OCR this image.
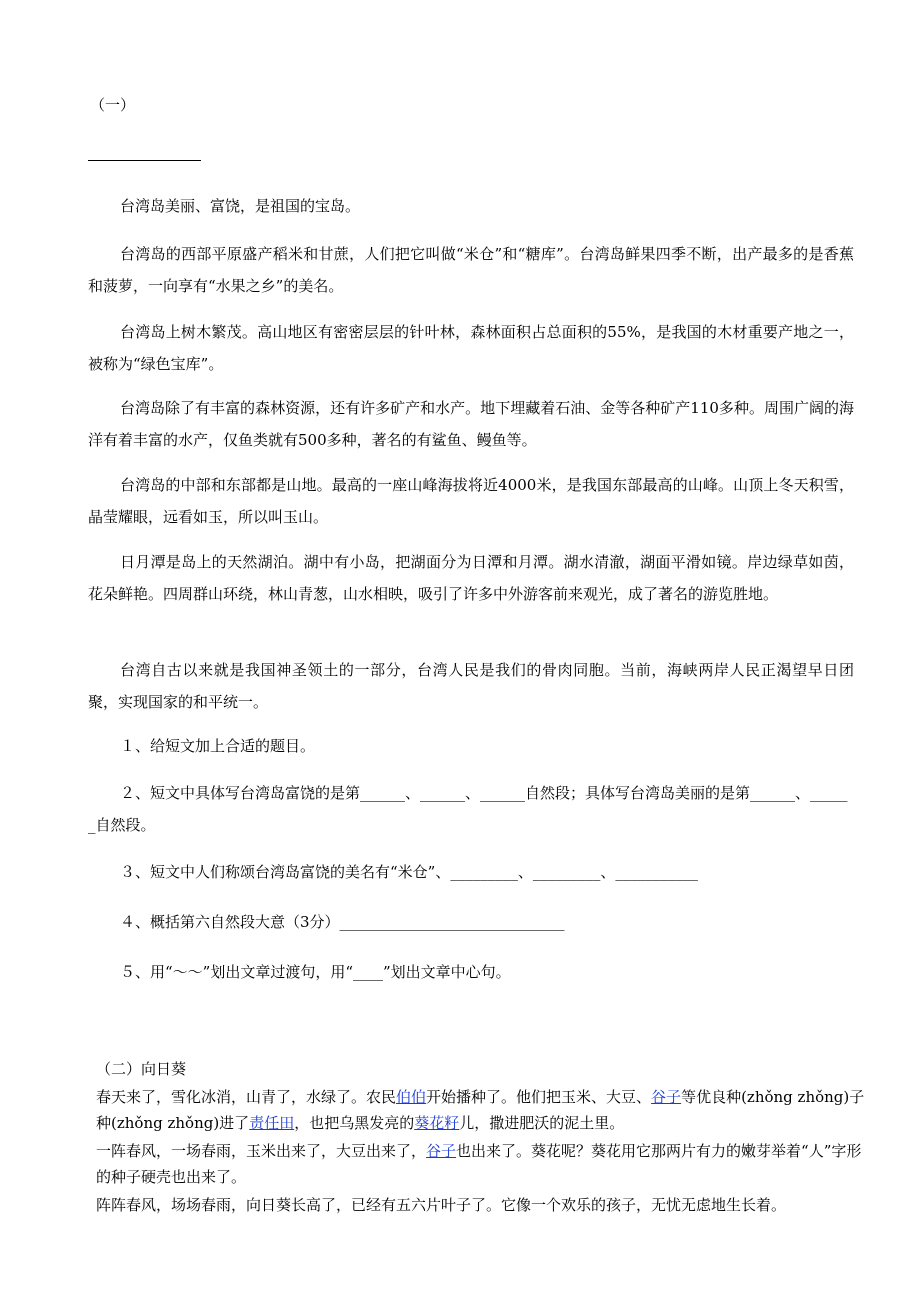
（一）
台湾岛美丽、富饶，是祖国的宝岛。
台湾岛的西部平原盛产稻米和甘蔗，人们把它叫做“米仓”和“糖库”。台湾岛鲜果四季不断，出产最多的是香蕉和菠萝，一向享有“水果之乡”的美名。
台湾岛上树木繁茂。高山地区有密密层层的针叶林，森林面积占总面积的55%，是我国的木材重要产地之一，被称为“绿色宝库”。
台湾岛除了有丰富的森林资源，还有许多矿产和水产。地下埋藏着石油、金等各种矿产110多种。周围广阔的海洋有着丰富的水产，仅鱼类就有500多种，著名的有鲨鱼、鳗鱼等。
台湾岛的中部和东部都是山地。最高的一座山峰海拔将近4000米，是我国东部最高的山峰。山顶上冬天积雪，晶莹耀眼，远看如玉，所以叫玉山。
日月潭是岛上的天然湖泊。湖中有小岛，把湖面分为日潭和月潭。湖水清澈，湖面平滑如镜。岸边绿草如茵，花朵鲜艳。四周群山环绕，林山青葱，山水相映，吸引了许多中外游客前来观光，成了著名的游览胜地。
台湾自古以来就是我国神圣领土的一部分，台湾人民是我们的骨肉同胞。当前，海峡两岸人民正渴望早日团聚，实现国家的和平统一。
１、给短文加上合适的题目。
２、短文中具体写台湾岛富饶的是第______、______、______自然段；具体写台湾岛美丽的是第______、______自然段。
３、短文中人们称颂台湾岛富饶的美名有“米仓”、_________、_________、___________
４、概括第六自然段大意（3分）______________________________
５、用“～～”划出文章过渡句，用“____”划出文章中心句。
（二）向日葵
春天来了，雪化冰消，山青了，水绿了。农民伯伯开始播种了。他们把玉米、大豆、谷子等优良种(zhǒng zhǒng)子种(zhǒng zhǒng)进了责任田，也把乌黑发亮的葵花籽儿，撒进肥沃的泥土里。
一阵春风，一场春雨，玉米出来了，大豆出来了，谷子也出来了。葵花呢？葵花用它那两片有力的嫩芽举着“人”字形的种子硬壳也出来了。
阵阵春风，场场春雨，向日葵长高了，已经有五六片叶子了。它像一个欢乐的孩子，无忧无虑地生长着。
